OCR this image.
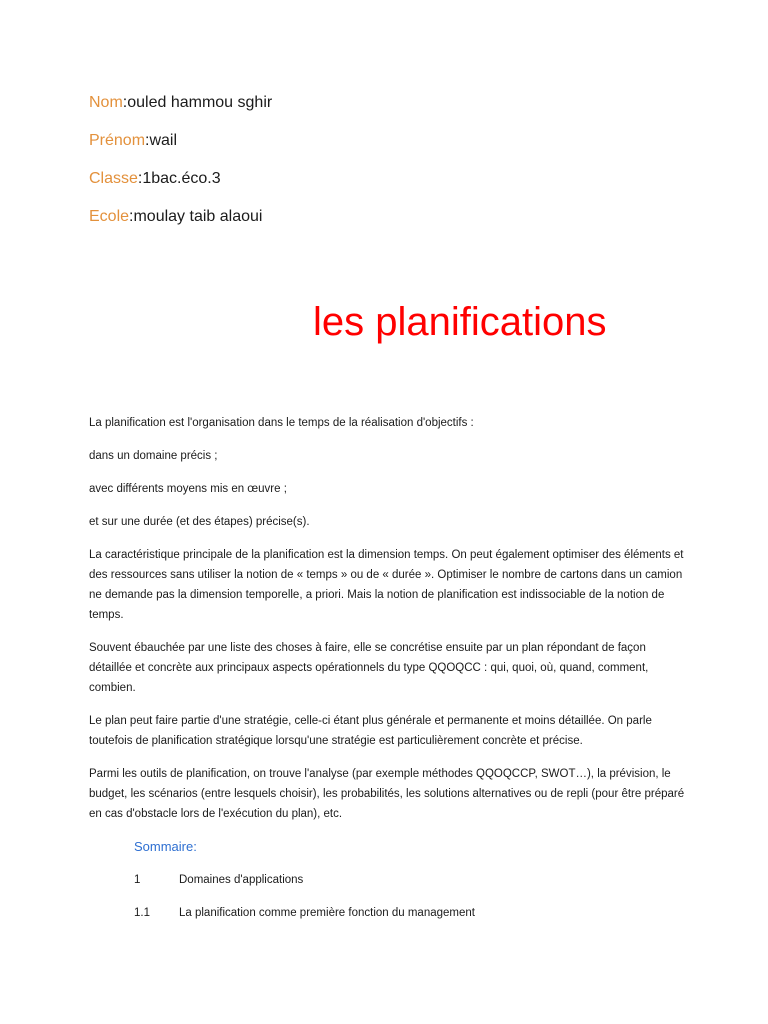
Nom:ouled hammou sghir
Prénom:wail
Classe:1bac.éco.3
Ecole:moulay taib alaoui
les planifications

La planification est l'organisation dans le temps de la réalisation d'objectifs :

dans un domaine précis ;

avec différents moyens mis en œuvre ;

et sur une durée (et des étapes) précise(s).

La caractéristique principale de la planification est la dimension temps. On peut également optimiser des éléments et des ressources sans utiliser la notion de « temps » ou de « durée ». Optimiser le nombre de cartons dans un camion ne demande pas la dimension temporelle, a priori. Mais la notion de planification est indissociable de la notion de temps.

Souvent ébauchée par une liste des choses à faire, elle se concrétise ensuite par un plan répondant de façon détaillée et concrète aux principaux aspects opérationnels du type QQOQCC : qui, quoi, où, quand, comment, combien.

Le plan peut faire partie d'une stratégie, celle-ci étant plus générale et permanente et moins détaillée. On parle toutefois de planification stratégique lorsqu'une stratégie est particulièrement concrète et précise.

Parmi les outils de planification, on trouve l'analyse (par exemple méthodes QQOQCCP, SWOT…), la prévision, le budget, les scénarios (entre lesquels choisir), les probabilités, les solutions alternatives ou de repli (pour être préparé en cas d'obstacle lors de l'exécution du plan), etc.

Sommaire:
1	Domaines d'applications
1.1	La planification comme première fonction du management
